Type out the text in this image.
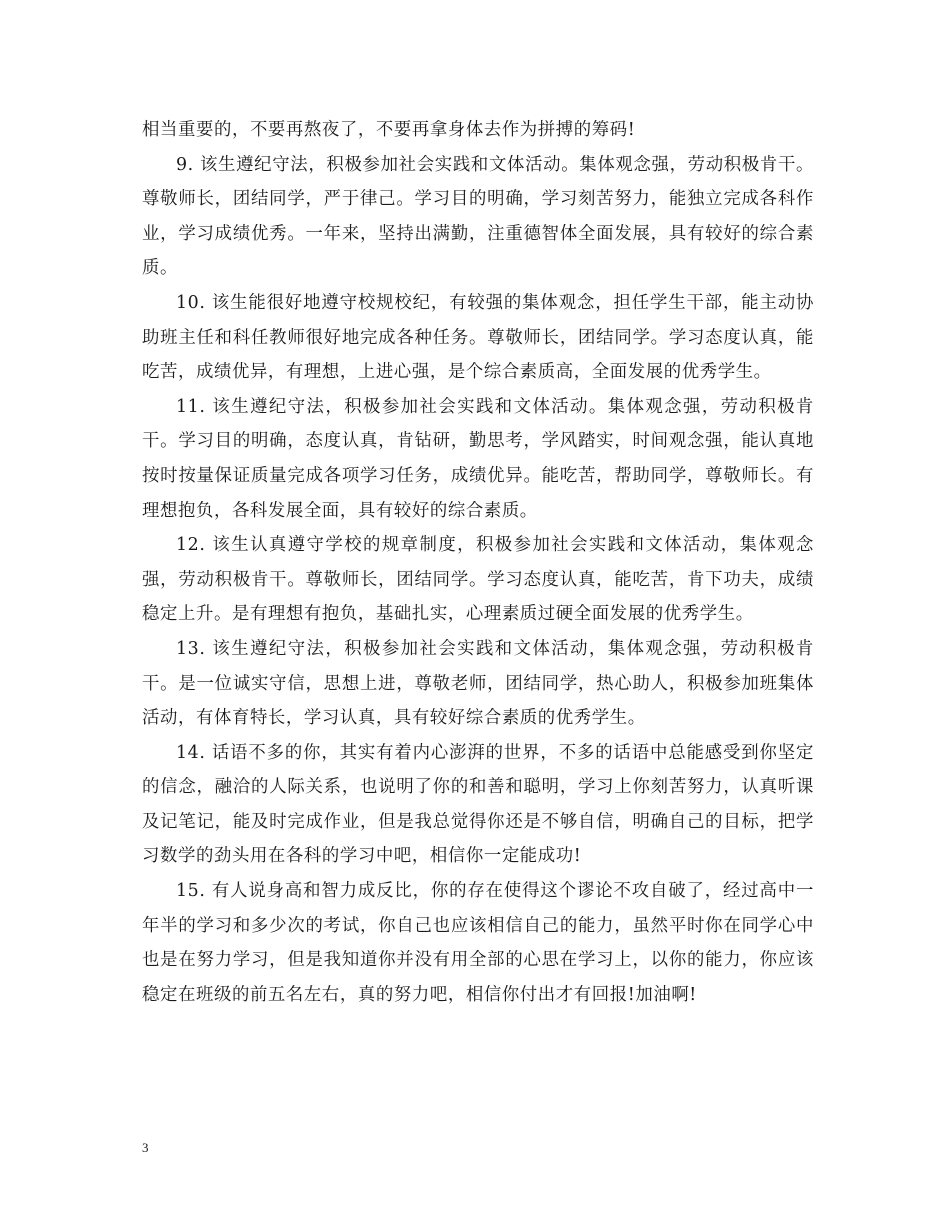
相当重要的，不要再熬夜了，不要再拿身体去作为拼搏的筹码!

9. 该生遵纪守法，积极参加社会实践和文体活动。集体观念强，劳动积极肯干。尊敬师长，团结同学，严于律己。学习目的明确，学习刻苦努力，能独立完成各科作业，学习成绩优秀。一年来，坚持出满勤，注重德智体全面发展，具有较好的综合素质。

10. 该生能很好地遵守校规校纪，有较强的集体观念，担任学生干部，能主动协助班主任和科任教师很好地完成各种任务。尊敬师长，团结同学。学习态度认真，能吃苦，成绩优异，有理想，上进心强，是个综合素质高，全面发展的优秀学生。

11. 该生遵纪守法，积极参加社会实践和文体活动。集体观念强，劳动积极肯干。学习目的明确，态度认真，肯钻研，勤思考，学风踏实，时间观念强，能认真地按时按量保证质量完成各项学习任务，成绩优异。能吃苦，帮助同学，尊敬师长。有理想抱负，各科发展全面，具有较好的综合素质。

12. 该生认真遵守学校的规章制度，积极参加社会实践和文体活动，集体观念强，劳动积极肯干。尊敬师长，团结同学。学习态度认真，能吃苦，肯下功夫，成绩稳定上升。是有理想有抱负，基础扎实，心理素质过硬全面发展的优秀学生。

13. 该生遵纪守法，积极参加社会实践和文体活动，集体观念强，劳动积极肯干。是一位诚实守信，思想上进，尊敬老师，团结同学，热心助人，积极参加班集体活动，有体育特长，学习认真，具有较好综合素质的优秀学生。

14. 话语不多的你，其实有着内心澎湃的世界，不多的话语中总能感受到你坚定的信念，融洽的人际关系，也说明了你的和善和聪明，学习上你刻苦努力，认真听课及记笔记，能及时完成作业，但是我总觉得你还是不够自信，明确自己的目标，把学习数学的劲头用在各科的学习中吧，相信你一定能成功!

15. 有人说身高和智力成反比，你的存在使得这个谬论不攻自破了，经过高中一年半的学习和多少次的考试，你自己也应该相信自己的能力，虽然平时你在同学心中也是在努力学习，但是我知道你并没有用全部的心思在学习上，以你的能力，你应该稳定在班级的前五名左右，真的努力吧，相信你付出才有回报!加油啊!

3
